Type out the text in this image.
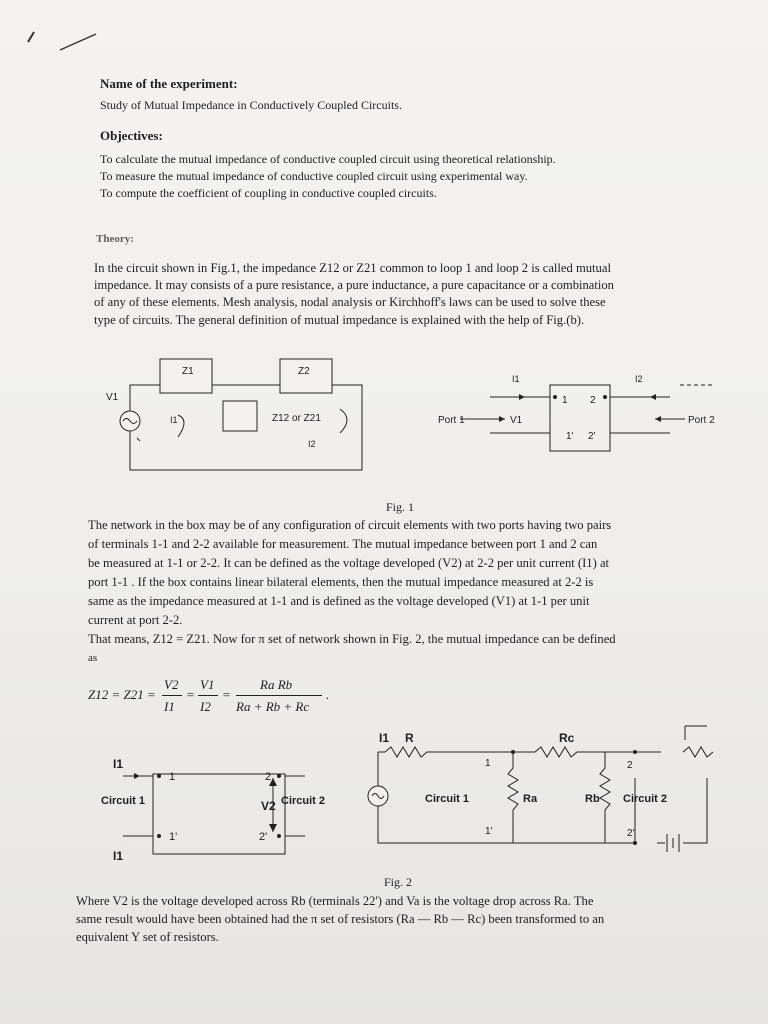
Name of the experiment:
Study of Mutual Impedance in Conductively Coupled Circuits.
Objectives:
To calculate the mutual impedance of conductive coupled circuit using theoretical relationship.
To measure the mutual impedance of conductive coupled circuit using experimental way.
To compute the coefficient of coupling in conductive coupled circuits.
Theory:
In the circuit shown in Fig.1, the impedance Z12 or Z21 common to loop 1 and loop 2 is called mutual
impedance. It may consists of a pure resistance, a pure inductance, a pure capacitance or a combination
of any of these elements. Mesh analysis, nodal analysis or Kirchhoff's laws can be used to solve these
type of circuits. The general definition of mutual impedance is explained with the help of Fig.(b).
Z1	Z2
V1
I1	Z12 or Z21
I2
I1	I2
1 2
1' 2'
Port 1	V1	Port 2
Fig. 1
The network in the box may be of any configuration of circuit elements with two ports having two pairs
of terminals 1-1 and 2-2 available for measurement. The mutual impedance between port 1 and 2 can
be measured at 1-1 or 2-2. It can be defined as the voltage developed (V2) at 2-2 per unit current (I1) at
port 1-1 . If the box contains linear bilateral elements, then the mutual impedance measured at 2-2 is
same as the impedance measured at 1-1 and is defined as the voltage developed (V1) at 1-1 per unit
current at port 2-2.
That means, Z12 = Z21. Now for π set of network shown in Fig. 2, the mutual impedance can be defined
as
Z12 = Z21 =
V2
I1
=
V1
I2
=
Ra Rb
Ra + Rb + Rc
.
I1
I1
1	2
1'	2'
Circuit 1	Circuit 2
V2
I1 R	Rc
1	2
1'	2'
Circuit 1	Circuit 2
Ra	Rb
Fig. 2
Where V2 is the voltage developed across Rb (terminals 22') and Va is the voltage drop across Ra. The
same result would have been obtained had the π set of resistors (Ra — Rb — Rc) been transformed to an
equivalent Y set of resistors.
